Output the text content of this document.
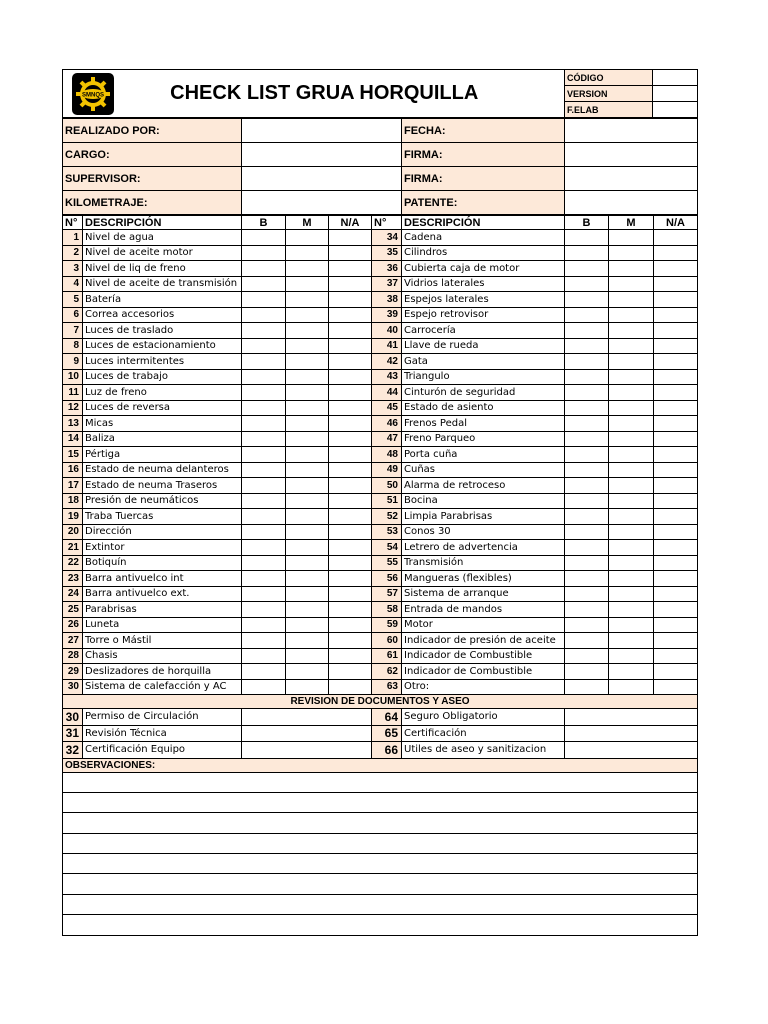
SMNQS	CHECK LIST GRUA HORQUILLA	CÓDIGO	
		VERSION	
		F.ELAB	
REALIZADO POR:		FECHA:	
CARGO:		FIRMA:	
SUPERVISOR:		FIRMA:	
KILOMETRAJE:		PATENTE:	
N°	DESCRIPCIÓN	B	M	N/A	N°	DESCRIPCIÓN	B	M	N/A
1	Nivel de agua				34	Cadena			
2	Nivel de aceite motor				35	Cilindros			
3	Nivel de liq de freno				36	Cubierta caja de motor			
4	Nivel de aceite de transmisión				37	Vidrios laterales			
5	Batería				38	Espejos laterales			
6	Correa accesorios				39	Espejo retrovisor			
7	Luces de traslado				40	Carrocería			
8	Luces de estacionamiento				41	Llave de rueda			
9	Luces intermitentes				42	Gata			
10	Luces de trabajo				43	Triangulo			
11	Luz de freno				44	Cinturón de seguridad			
12	Luces de reversa				45	Estado de asiento			
13	Micas				46	Frenos Pedal			
14	Baliza				47	Freno Parqueo			
15	Pértiga				48	Porta cuña			
16	Estado de neuma delanteros				49	Cuñas			
17	Estado de neuma Traseros				50	Alarma de retroceso			
18	Presión de neumáticos				51	Bocina			
19	Traba Tuercas				52	Limpia Parabrisas			
20	Dirección				53	Conos 30			
21	Extintor				54	Letrero de advertencia			
22	Botiquín				55	Transmisión			
23	Barra antivuelco int				56	Mangueras (flexibles)			
24	Barra antivuelco ext.				57	Sistema de arranque			
25	Parabrisas				58	Entrada de mandos			
26	Luneta				59	Motor			
27	Torre o Mástil				60	Indicador de presión de aceite			
28	Chasis				61	Indicador de Combustible			
29	Deslizadores de horquilla				62	Indicador de Combustible			
30	Sistema de calefacción y AC				63	Otro:			
REVISION DE DOCUMENTOS Y ASEO									
30	Permiso de Circulación				64	Seguro Obligatorio			
31	Revisión Técnica				65	Certificación			
32	Certificación Equipo				66	Utiles de aseo y sanitizacion			
OBSERVACIONES:									
